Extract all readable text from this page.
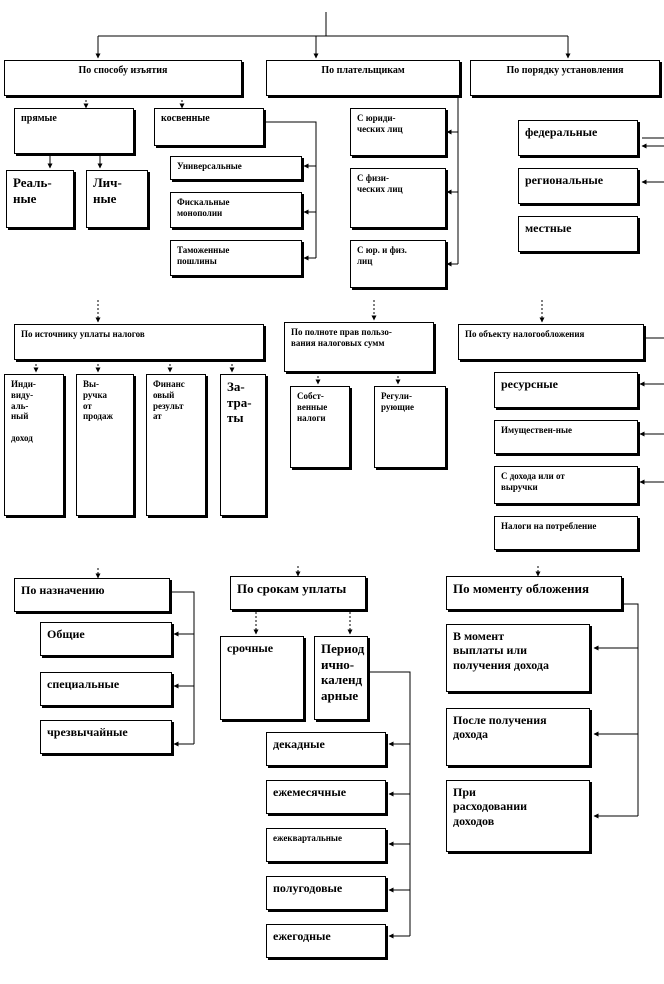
По способу изъятия	По плательщикам	По порядку установления
прямые	косвенные
Реаль-
ные
Лич-
ные
Универсальные
Фискальные
монополии
Таможенные
пошлины
С юриди-
ческих лиц
С физи-
ческих лиц
С юр. и физ.
лиц
федеральные
региональные
местные
По источнику уплаты налогов	По полноте прав пользо-
вания налоговых сумм
По объекту налогообложения
Инди-
виду-
аль-
ный

доход
Вы-
ручка
от
продаж
Финанс
овый
результ
ат
За-
тра-
ты
Собст-
венные
налоги
Регули-
рующие
ресурсные
Имуществен-ные
С дохода или от
выручки
Налоги на потребление
По назначению
Общие
специальные
чрезвычайные
По срокам уплаты
срочные	Период
ично-
календ
арные
декадные
ежемесячные
ежеквартальные
полугодовые
ежегодные
По моменту обложения
В момент
выплаты или
получения дохода
После получения
дохода
При
расходовании
доходов
